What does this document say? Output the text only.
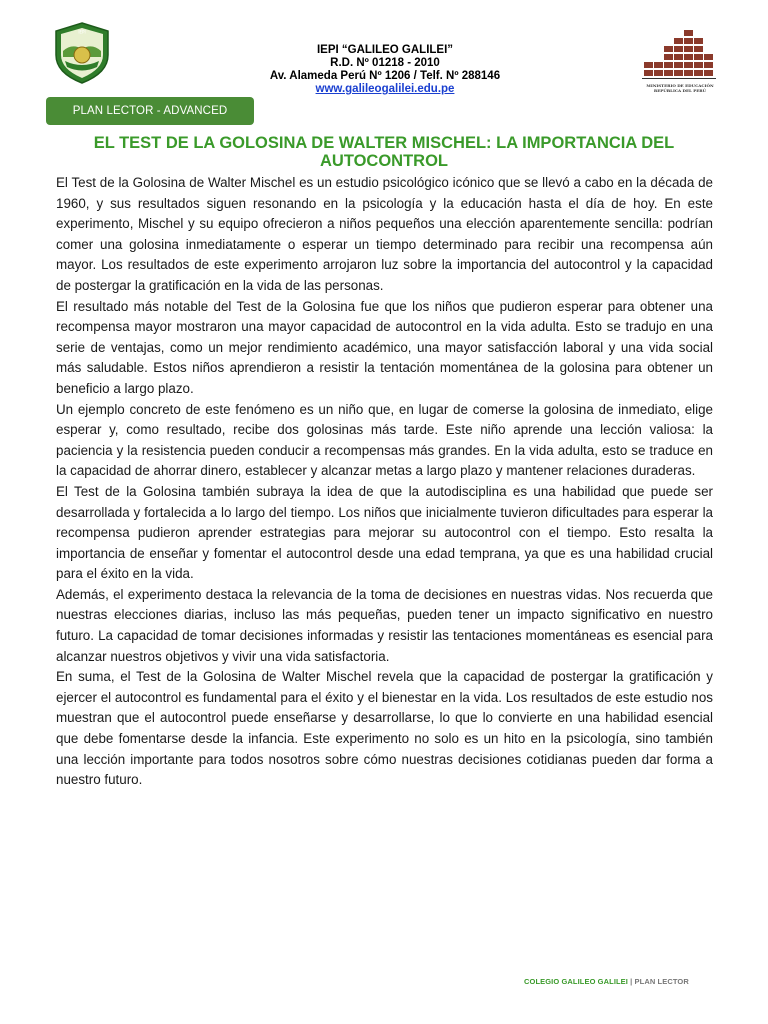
IEPI
IEPI “GALILEO GALILEI”
R.D. Nº 01218 - 2010
Av. Alameda Perú Nº 1206 / Telf. Nº 288146
www.galileogalilei.edu.pe	MINISTERIO DE EDUCACIÓN REPÚBLICA DEL PERÚ
PLAN LECTOR - ADVANCED
EL TEST DE LA GOLOSINA DE WALTER MISCHEL: LA IMPORTANCIA DEL AUTOCONTROL

El Test de la Golosina de Walter Mischel es un estudio psicológico icónico que se llevó a cabo en la década de 1960, y sus resultados siguen resonando en la psicología y la educación hasta el día de hoy. En este experimento, Mischel y su equipo ofrecieron a niños pequeños una elección aparentemente sencilla: podrían comer una golosina inmediatamente o esperar un tiempo determinado para recibir una recompensa aún mayor. Los resultados de este experimento arrojaron luz sobre la importancia del autocontrol y la capacidad de postergar la gratificación en la vida de las personas.

El resultado más notable del Test de la Golosina fue que los niños que pudieron esperar para obtener una recompensa mayor mostraron una mayor capacidad de autocontrol en la vida adulta. Esto se tradujo en una serie de ventajas, como un mejor rendimiento académico, una mayor satisfacción laboral y una vida social más saludable. Estos niños aprendieron a resistir la tentación momentánea de la golosina para obtener un beneficio a largo plazo.

Un ejemplo concreto de este fenómeno es un niño que, en lugar de comerse la golosina de inmediato, elige esperar y, como resultado, recibe dos golosinas más tarde. Este niño aprende una lección valiosa: la paciencia y la resistencia pueden conducir a recompensas más grandes. En la vida adulta, esto se traduce en la capacidad de ahorrar dinero, establecer y alcanzar metas a largo plazo y mantener relaciones duraderas.

El Test de la Golosina también subraya la idea de que la autodisciplina es una habilidad que puede ser desarrollada y fortalecida a lo largo del tiempo. Los niños que inicialmente tuvieron dificultades para esperar la recompensa pudieron aprender estrategias para mejorar su autocontrol con el tiempo. Esto resalta la importancia de enseñar y fomentar el autocontrol desde una edad temprana, ya que es una habilidad crucial para el éxito en la vida.

Además, el experimento destaca la relevancia de la toma de decisiones en nuestras vidas. Nos recuerda que nuestras elecciones diarias, incluso las más pequeñas, pueden tener un impacto significativo en nuestro futuro. La capacidad de tomar decisiones informadas y resistir las tentaciones momentáneas es esencial para alcanzar nuestros objetivos y vivir una vida satisfactoria.

En suma, el Test de la Golosina de Walter Mischel revela que la capacidad de postergar la gratificación y ejercer el autocontrol es fundamental para el éxito y el bienestar en la vida. Los resultados de este estudio nos muestran que el autocontrol puede enseñarse y desarrollarse, lo que lo convierte en una habilidad esencial que debe fomentarse desde la infancia. Este experimento no solo es un hito en la psicología, sino también una lección importante para todos nosotros sobre cómo nuestras decisiones cotidianas pueden dar forma a nuestro futuro.

COLEGIO GALILEO GALILEI | PLAN LECTOR
